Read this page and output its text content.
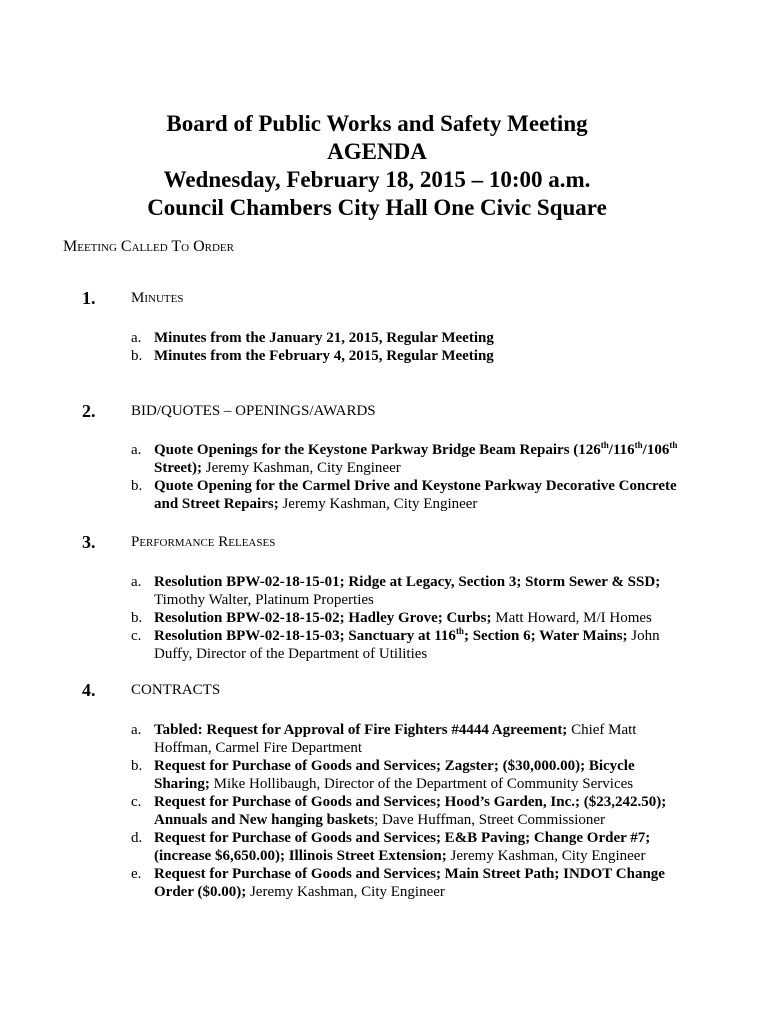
Board of Public Works and Safety Meeting
AGENDA
Wednesday, February 18, 2015 – 10:00 a.m.
Council Chambers City Hall One Civic Square
Meeting Called To Order
1. Minutes
a. Minutes from the January 21, 2015, Regular Meeting
b. Minutes from the February 4, 2015, Regular Meeting
2. BID/QUOTES – OPENINGS/AWARDS
a. Quote Openings for the Keystone Parkway Bridge Beam Repairs (126th/116th/106th Street); Jeremy Kashman, City Engineer
b. Quote Opening for the Carmel Drive and Keystone Parkway Decorative Concrete and Street Repairs; Jeremy Kashman, City Engineer
3. Performance Releases
a. Resolution BPW-02-18-15-01; Ridge at Legacy, Section 3; Storm Sewer & SSD; Timothy Walter, Platinum Properties
b. Resolution BPW-02-18-15-02; Hadley Grove; Curbs; Matt Howard, M/I Homes
c. Resolution BPW-02-18-15-03; Sanctuary at 116th; Section 6; Water Mains; John Duffy, Director of the Department of Utilities
4. CONTRACTS
a. Tabled: Request for Approval of Fire Fighters #4444 Agreement; Chief Matt Hoffman, Carmel Fire Department
b. Request for Purchase of Goods and Services; Zagster; ($30,000.00); Bicycle Sharing; Mike Hollibaugh, Director of the Department of Community Services
c. Request for Purchase of Goods and Services; Hood’s Garden, Inc.; ($23,242.50); Annuals and New hanging baskets; Dave Huffman, Street Commissioner
d. Request for Purchase of Goods and Services; E&B Paving; Change Order #7; (increase $6,650.00); Illinois Street Extension; Jeremy Kashman, City Engineer
e. Request for Purchase of Goods and Services; Main Street Path; INDOT Change Order ($0.00); Jeremy Kashman, City Engineer
